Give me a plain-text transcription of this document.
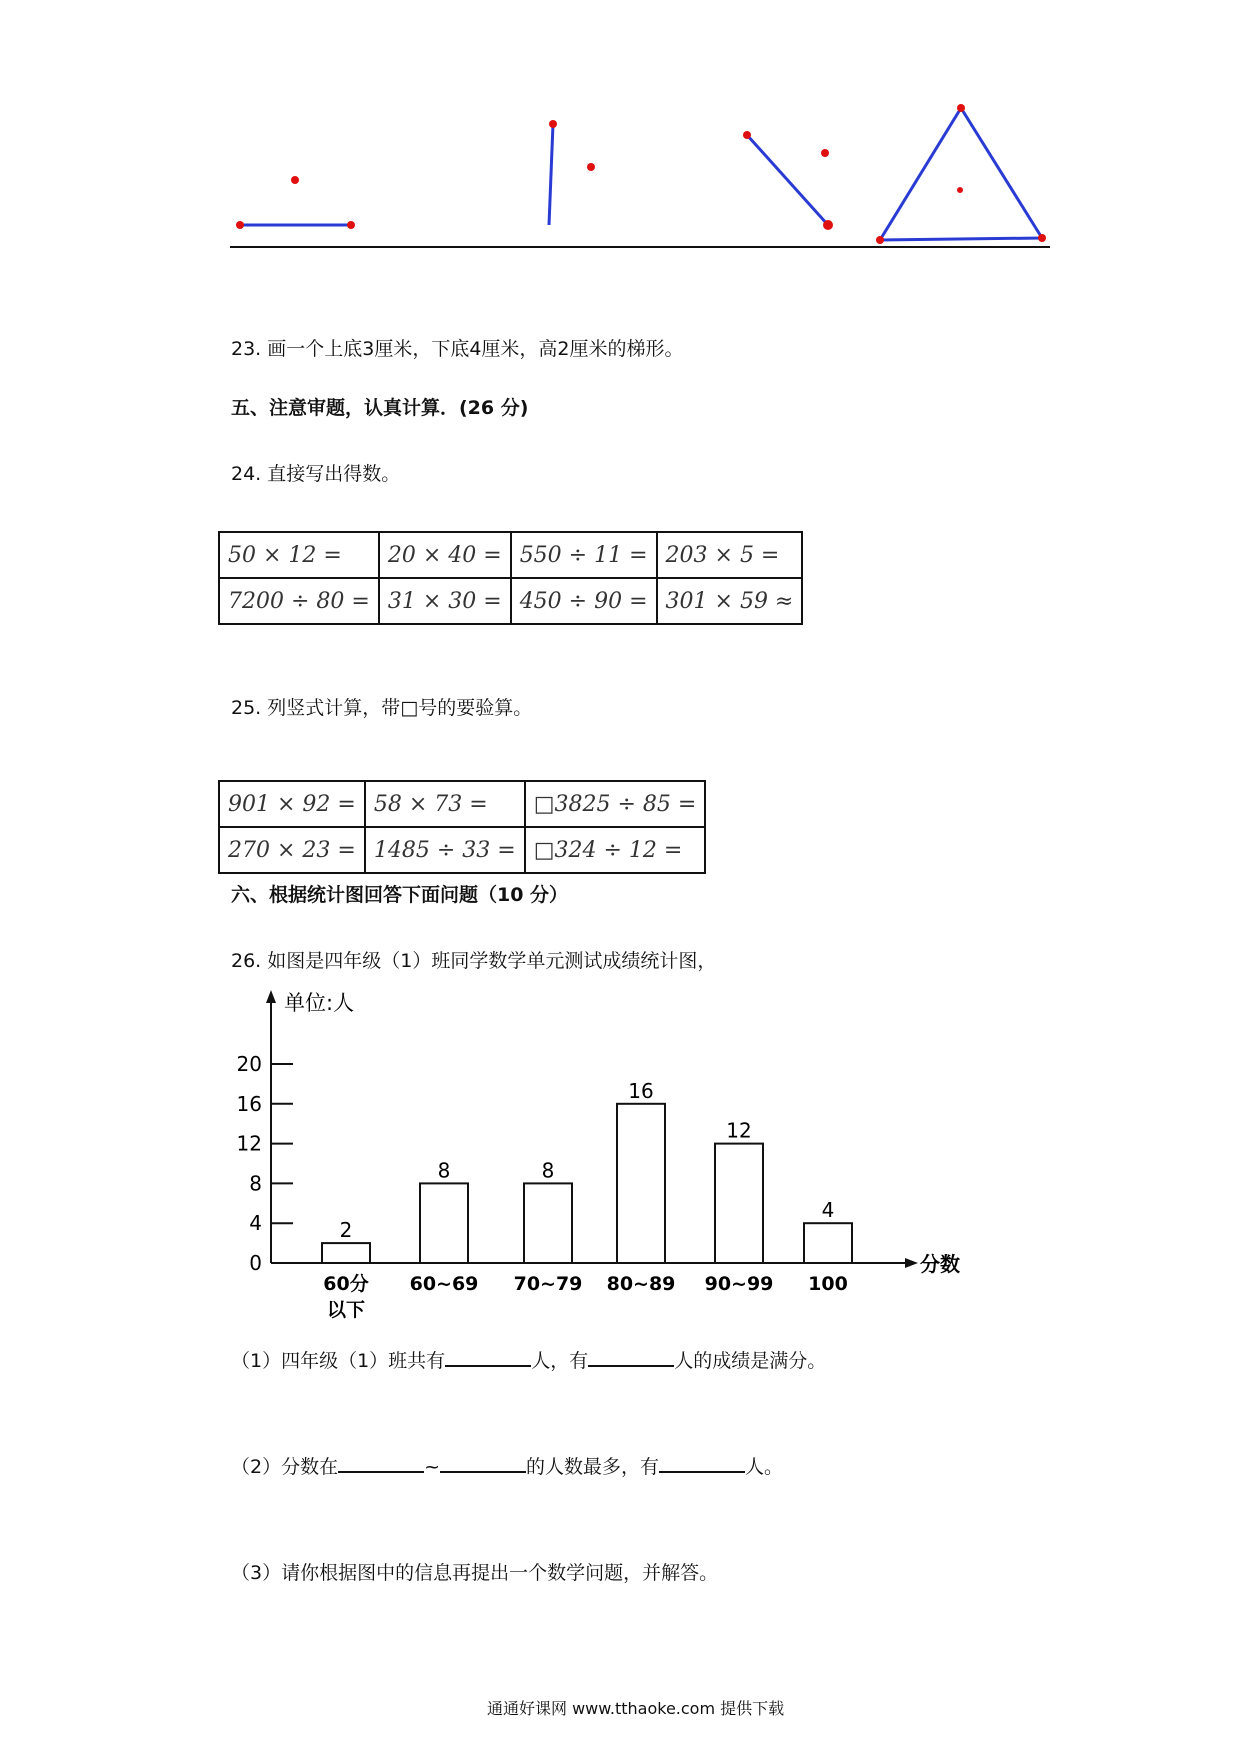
23. 画一个上底3厘米，下底4厘米，高2厘米的梯形。
五、注意审题，认真计算．(26 分)
24. 直接写出得数。
50 × 12 =	20 × 40 =	550 ÷ 11 =	203 × 5 =
7200 ÷ 80 =	31 × 30 =	450 ÷ 90 =	301 × 59 ≈
25. 列竖式计算，带□号的要验算。
901 × 92 =	58 × 73 =	□3825 ÷ 85 =
270 × 23 =	1485 ÷ 33 =	□324 ÷ 12 =
六、根据统计图回答下面问题（10 分）
26. 如图是四年级（1）班同学数学单元测试成绩统计图，
单位:人
分数
0
4
8
12
16
20
2
60分
以下
8
60~69
8
70~79
16
80~89
12
90~99
4
100
（1）四年级（1）班共有	人，有	人的成绩是满分。
（2）分数在	~	的人数最多，有	人。
（3）请你根据图中的信息再提出一个数学问题，并解答。
通通好课网 www.tthaoke.com 提供下载
